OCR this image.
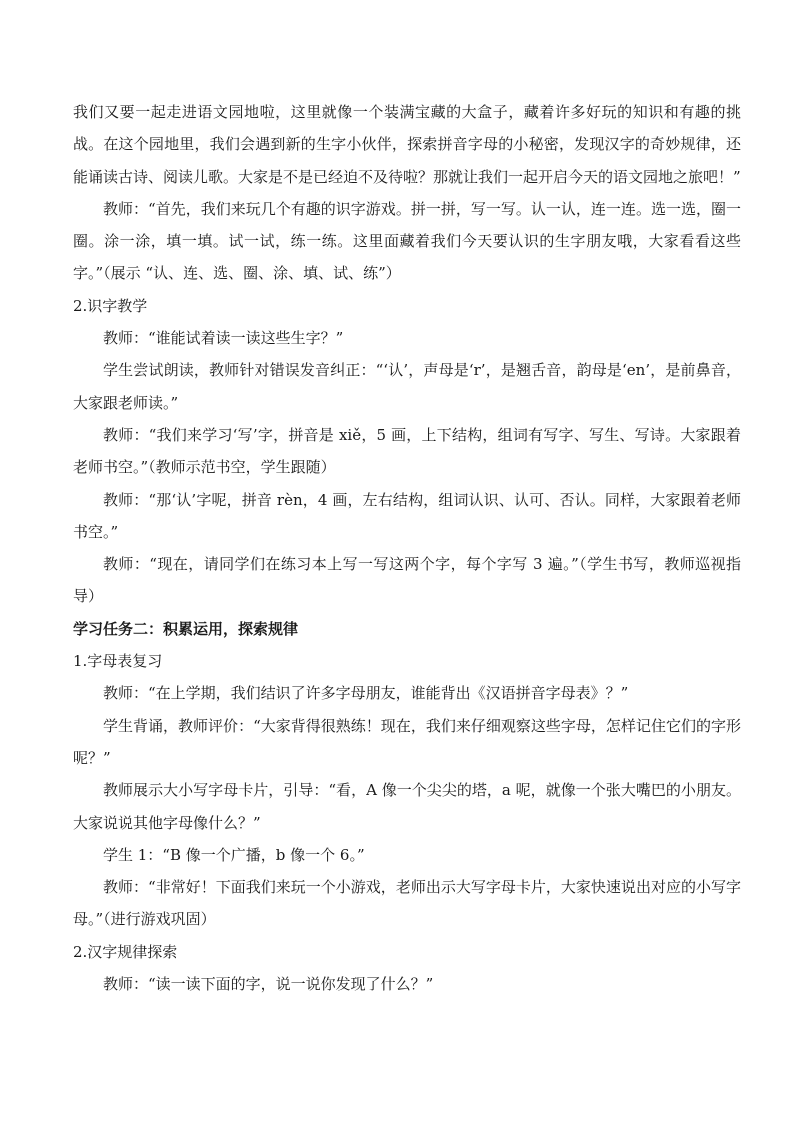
我们又要一起走进语文园地啦，这里就像一个装满宝藏的大盒子，藏着许多好玩的知识和有趣的挑战。在这个园地里，我们会遇到新的生字小伙伴，探索拼音字母的小秘密，发现汉字的奇妙规律，还能诵读古诗、阅读儿歌。大家是不是已经迫不及待啦？那就让我们一起开启今天的语文园地之旅吧！”

教师：“首先，我们来玩几个有趣的识字游戏。拼一拼，写一写。认一认，连一连。选一选，圈一圈。涂一涂，填一填。试一试，练一练。这里面藏着我们今天要认识的生字朋友哦，大家看看这些字。”（展示 “认、连、选、圈、涂、填、试、练”）

2.识字教学

教师：“谁能试着读一读这些生字？”

学生尝试朗读，教师针对错误发音纠正：“‘认’，声母是‘r’，是翘舌音，韵母是‘en’，是前鼻音，大家跟老师读。”

教师：“我们来学习‘写’字，拼音是 xiě，5 画，上下结构，组词有写字、写生、写诗。大家跟着老师书空。”（教师示范书空，学生跟随）

教师：“那‘认’字呢，拼音 rèn，4 画，左右结构，组词认识、认可、否认。同样，大家跟着老师书空。”

教师：“现在，请同学们在练习本上写一写这两个字，每个字写 3 遍。”（学生书写，教师巡视指导）

学习任务二：积累运用，探索规律

1.字母表复习

教师：“在上学期，我们结识了许多字母朋友，谁能背出《汉语拼音字母表》？”

学生背诵，教师评价：“大家背得很熟练！现在，我们来仔细观察这些字母，怎样记住它们的字形呢？”

教师展示大小写字母卡片，引导：“看，A 像一个尖尖的塔，a 呢，就像一个张大嘴巴的小朋友。大家说说其他字母像什么？”

学生 1：“B 像一个广播，b 像一个 6。”

教师：“非常好！下面我们来玩一个小游戏，老师出示大写字母卡片，大家快速说出对应的小写字母。”（进行游戏巩固）

2.汉字规律探索

教师：“读一读下面的字，说一说你发现了什么？”
